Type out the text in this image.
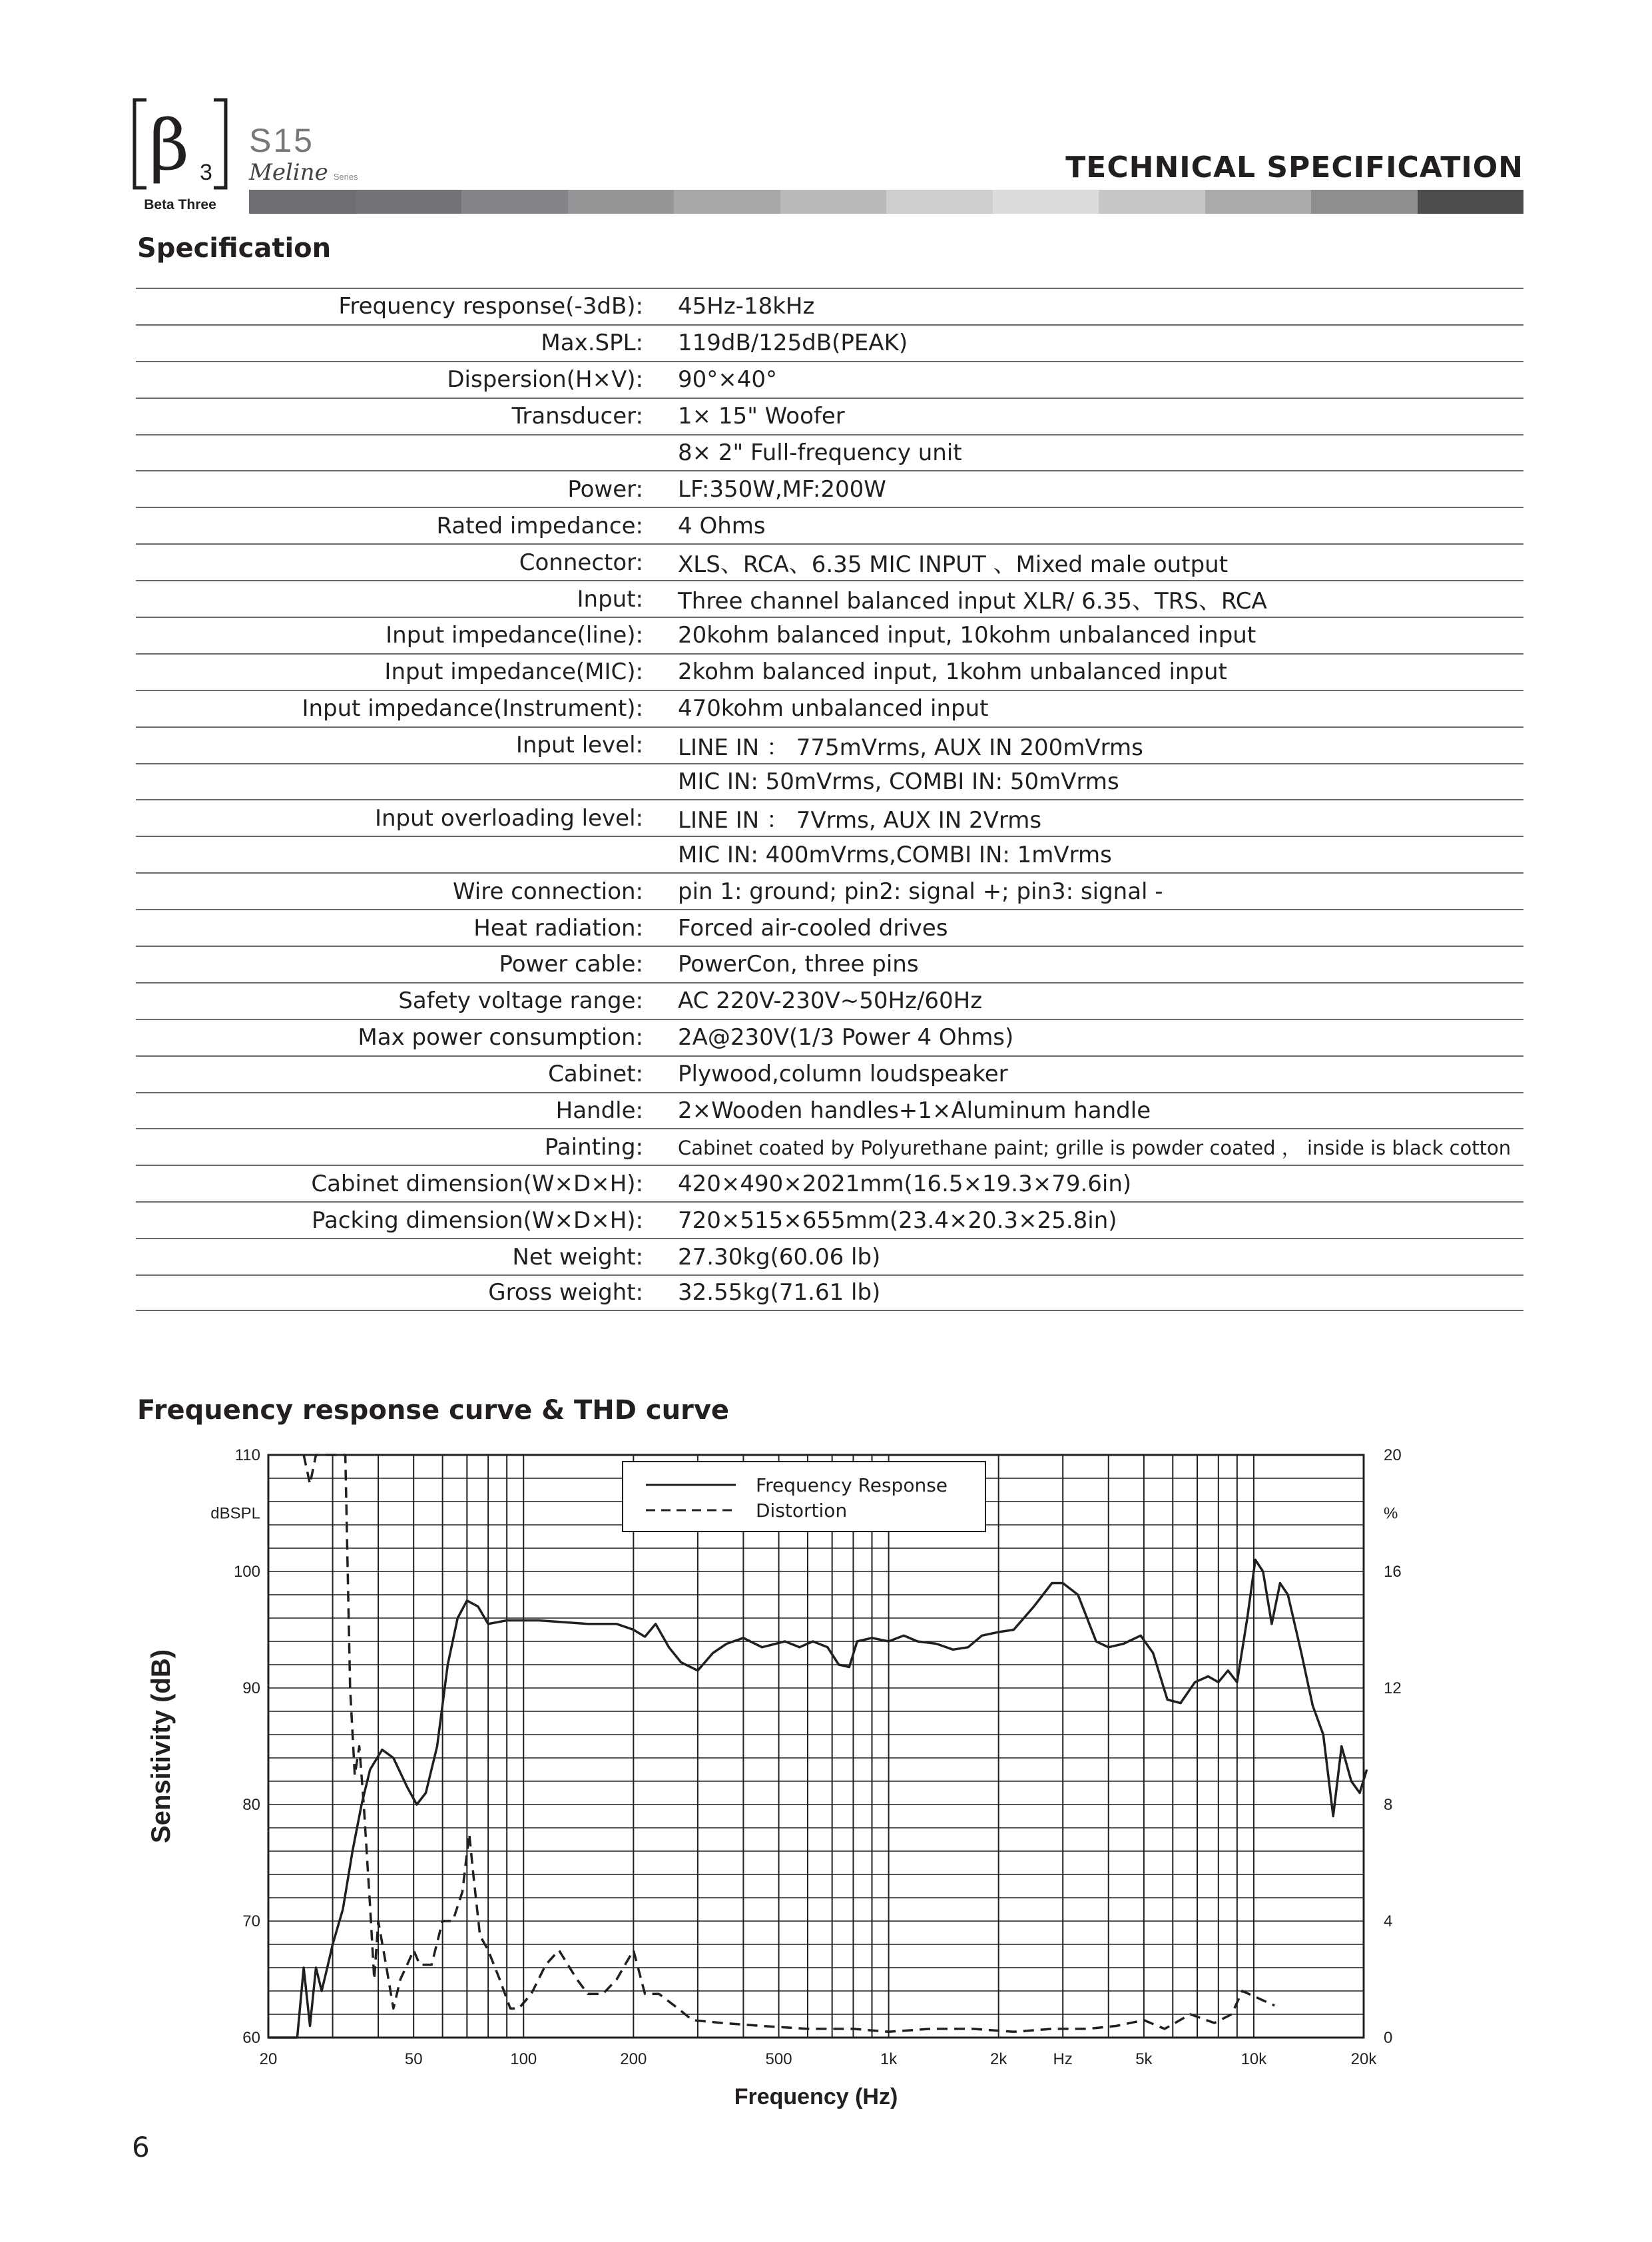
β 3
Beta Three
S15
Meline Series	TECHNICAL SPECIFICATION
Specification
Frequency response(-3dB): 45Hz-18kHz
Max.SPL: 119dB/125dB(PEAK)
Dispersion(H×V): 90°×40°
Transducer: 1× 15" Woofer
8× 2" Full-frequency unit
Power: LF:350W,MF:200W
Rated impedance: 4 Ohms
Connector: XLS、RCA、6.35 MIC INPUT 、Mixed male output
Input: Three channel balanced input XLR/ 6.35、TRS、RCA
Input impedance(line): 20kohm balanced input, 10kohm unbalanced input
Input impedance(MIC): 2kohm balanced input, 1kohm unbalanced input
Input impedance(Instrument): 470kohm unbalanced input
Input level: LINE IN ： 775mVrms, AUX IN 200mVrms
MIC IN: 50mVrms, COMBI IN: 50mVrms
Input overloading level: LINE IN ： 7Vrms, AUX IN 2Vrms
MIC IN: 400mVrms,COMBI IN: 1mVrms
Wire connection: pin 1: ground; pin2: signal +; pin3: signal -
Heat radiation: Forced air-cooled drives
Power cable: PowerCon, three pins
Safety voltage range: AC 220V-230V~50Hz/60Hz
Max power consumption: 2A@230V(1/3 Power 4 Ohms)
Cabinet: Plywood,column loudspeaker
Handle: 2×Wooden handles+1×Aluminum handle
Painting: Cabinet coated by Polyurethane paint; grille is powder coated ， inside is black cotton
Cabinet dimension(W×D×H): 420×490×2021mm(16.5×19.3×79.6in)
Packing dimension(W×D×H): 720×515×655mm(23.4×20.3×25.8in)
Net weight: 27.30kg(60.06 lb)
Gross weight: 32.55kg(71.61 lb)
Frequency response curve & THD curve
20	50	100	200	500	1k	2k	Hz	5k	10k	20k
60
70
80
90
100
110
0
4
8
12
16
20
dBSPL	%
Frequency (Hz)
Sensitivity (dB)
Frequency Response
Distortion
6
